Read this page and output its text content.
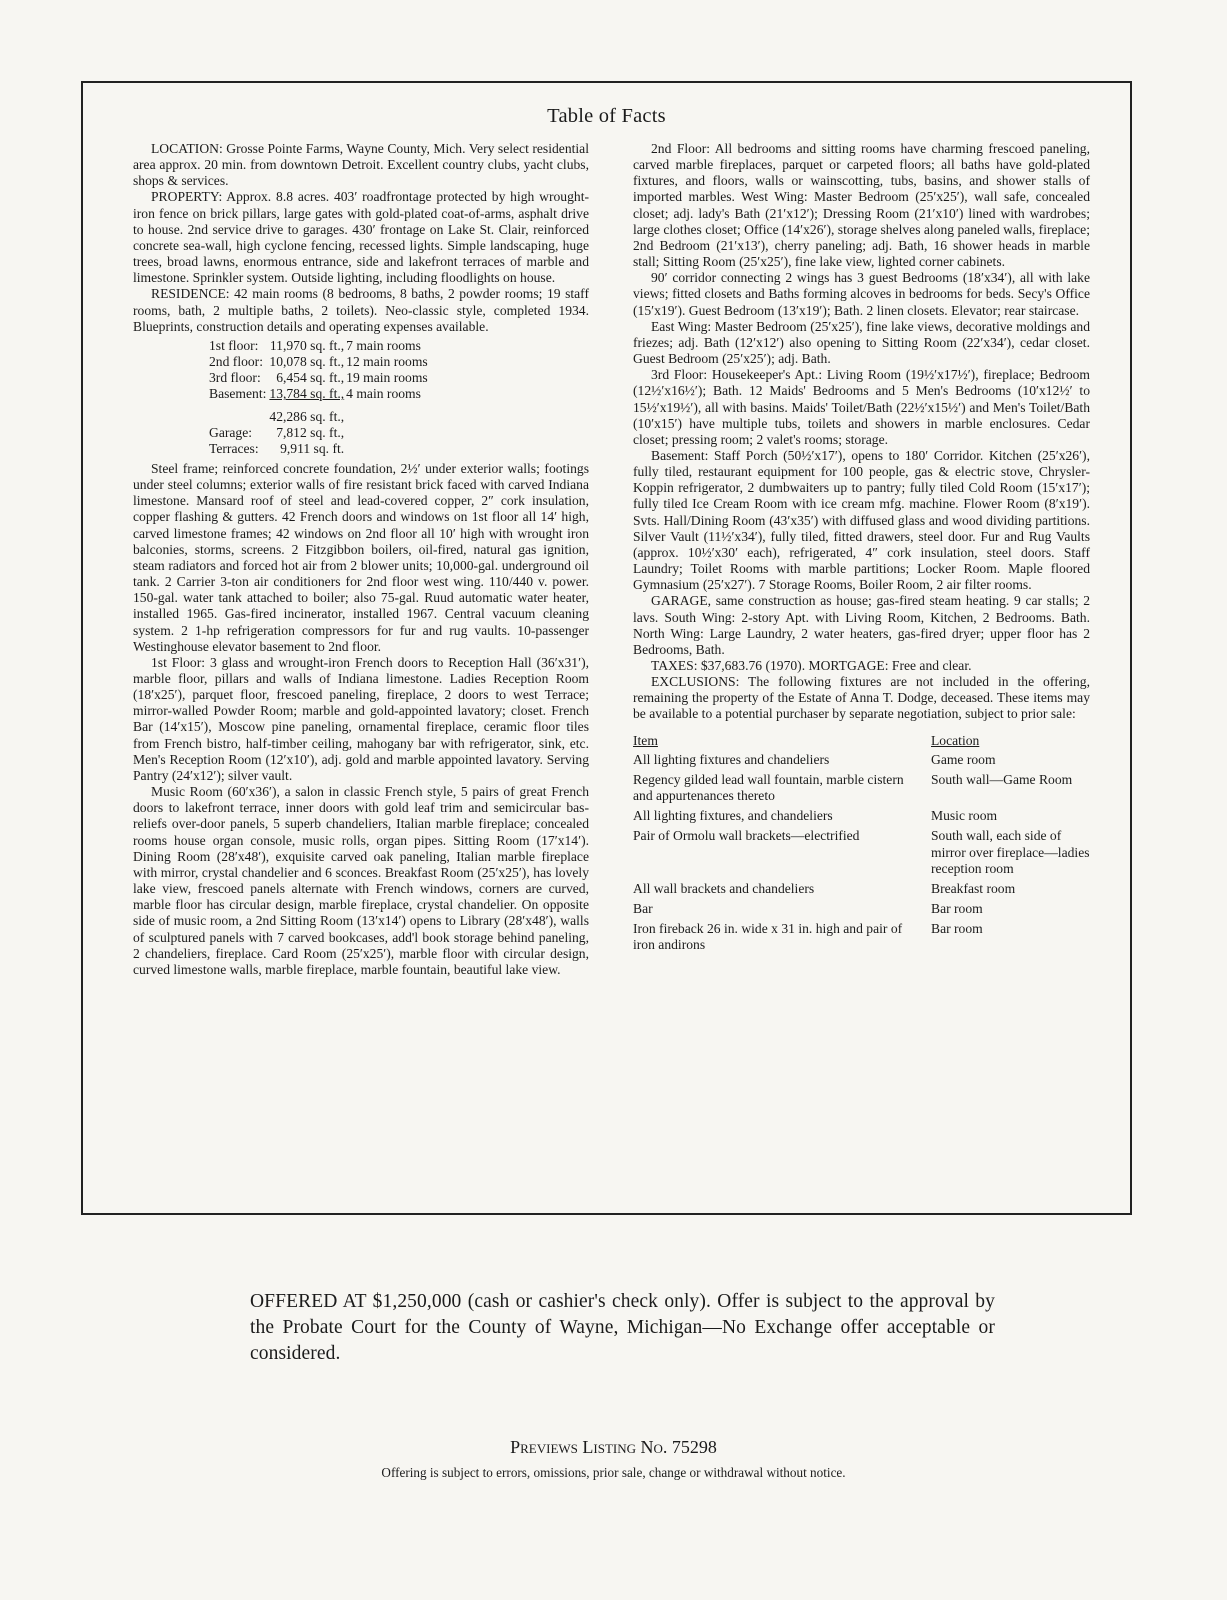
Table of Facts

LOCATION: Grosse Pointe Farms, Wayne County, Mich. Very select residential area approx. 20 min. from downtown Detroit. Excellent country clubs, yacht clubs, shops & services.

PROPERTY: Approx. 8.8 acres. 403′ roadfrontage protected by high wrought-iron fence on brick pillars, large gates with gold-plated coat-of-arms, asphalt drive to house. 2nd service drive to garages. 430′ frontage on Lake St. Clair, reinforced concrete sea-wall, high cyclone fencing, recessed lights. Simple landscaping, huge trees, broad lawns, enormous entrance, side and lakefront terraces of marble and limestone. Sprinkler system. Outside lighting, including floodlights on house.

RESIDENCE: 42 main rooms (8 bedrooms, 8 baths, 2 powder rooms; 19 staff rooms, bath, 2 multiple baths, 2 toilets). Neo-classic style, completed 1934. Blueprints, construction details and operating expenses available.

1st floor:	11,970 sq. ft.,	7 main rooms
2nd floor:	10,078 sq. ft.,	12 main rooms
3rd floor:	6,454 sq. ft.,	19 main rooms
Basement:	13,784 sq. ft.,	4 main rooms

	42,286 sq. ft.,	
Garage:	7,812 sq. ft.,	
Terraces:	9,911 sq. ft.	

Steel frame; reinforced concrete foundation, 2½′ under exterior walls; footings under steel columns; exterior walls of fire resistant brick faced with carved Indiana limestone. Mansard roof of steel and lead-covered copper, 2″ cork insulation, copper flashing & gutters. 42 French doors and windows on 1st floor all 14′ high, carved limestone frames; 42 windows on 2nd floor all 10′ high with wrought iron balconies, storms, screens. 2 Fitzgibbon boilers, oil-fired, natural gas ignition, steam radiators and forced hot air from 2 blower units; 10,000-gal. underground oil tank. 2 Carrier 3-ton air conditioners for 2nd floor west wing. 110/440 v. power. 150-gal. water tank attached to boiler; also 75-gal. Ruud automatic water heater, installed 1965. Gas-fired incinerator, installed 1967. Central vacuum cleaning system. 2 1-hp refrigeration compressors for fur and rug vaults. 10-passenger Westinghouse elevator basement to 2nd floor.

1st Floor: 3 glass and wrought-iron French doors to Reception Hall (36′x31′), marble floor, pillars and walls of Indiana limestone. Ladies Reception Room (18′x25′), parquet floor, frescoed paneling, fireplace, 2 doors to west Terrace; mirror-walled Powder Room; marble and gold-appointed lavatory; closet. French Bar (14′x15′), Moscow pine paneling, ornamental fireplace, ceramic floor tiles from French bistro, half-timber ceiling, mahogany bar with refrigerator, sink, etc. Men's Reception Room (12′x10′), adj. gold and marble appointed lavatory. Serving Pantry (24′x12′); silver vault.

Music Room (60′x36′), a salon in classic French style, 5 pairs of great French doors to lakefront terrace, inner doors with gold leaf trim and semicircular bas-reliefs over-door panels, 5 superb chandeliers, Italian marble fireplace; concealed rooms house organ console, music rolls, organ pipes. Sitting Room (17′x14′). Dining Room (28′x48′), exquisite carved oak paneling, Italian marble fireplace with mirror, crystal chandelier and 6 sconces. Breakfast Room (25′x25′), has lovely lake view, frescoed panels alternate with French windows, corners are curved, marble floor has circular design, marble fireplace, crystal chandelier. On opposite side of music room, a 2nd Sitting Room (13′x14′) opens to Library (28′x48′), walls of sculptured panels with 7 carved bookcases, add'l book storage behind paneling, 2 chandeliers, fireplace. Card Room (25′x25′), marble floor with circular design, curved limestone walls, marble fireplace, marble fountain, beautiful lake view.

2nd Floor: All bedrooms and sitting rooms have charming frescoed paneling, carved marble fireplaces, parquet or carpeted floors; all baths have gold-plated fixtures, and floors, walls or wainscotting, tubs, basins, and shower stalls of imported marbles. West Wing: Master Bedroom (25′x25′), wall safe, concealed closet; adj. lady's Bath (21′x12′); Dressing Room (21′x10′) lined with wardrobes; large clothes closet; Office (14′x26′), storage shelves along paneled walls, fireplace; 2nd Bedroom (21′x13′), cherry paneling; adj. Bath, 16 shower heads in marble stall; Sitting Room (25′x25′), fine lake view, lighted corner cabinets.

90′ corridor connecting 2 wings has 3 guest Bedrooms (18′x34′), all with lake views; fitted closets and Baths forming alcoves in bedrooms for beds. Secy's Office (15′x19′). Guest Bedroom (13′x19′); Bath. 2 linen closets. Elevator; rear staircase.

East Wing: Master Bedroom (25′x25′), fine lake views, decorative moldings and friezes; adj. Bath (12′x12′) also opening to Sitting Room (22′x34′), cedar closet. Guest Bedroom (25′x25′); adj. Bath.

3rd Floor: Housekeeper's Apt.: Living Room (19½′x17½′), fireplace; Bedroom (12½′x16½′); Bath. 12 Maids' Bedrooms and 5 Men's Bedrooms (10′x12½′ to 15½′x19½′), all with basins. Maids' Toilet/Bath (22½′x15½′) and Men's Toilet/Bath (10′x15′) have multiple tubs, toilets and showers in marble enclosures. Cedar closet; pressing room; 2 valet's rooms; storage.

Basement: Staff Porch (50½′x17′), opens to 180′ Corridor. Kitchen (25′x26′), fully tiled, restaurant equipment for 100 people, gas & electric stove, Chrysler-Koppin refrigerator, 2 dumbwaiters up to pantry; fully tiled Cold Room (15′x17′); fully tiled Ice Cream Room with ice cream mfg. machine. Flower Room (8′x19′). Svts. Hall/Dining Room (43′x35′) with diffused glass and wood dividing partitions. Silver Vault (11½′x34′), fully tiled, fitted drawers, steel door. Fur and Rug Vaults (approx. 10½′x30′ each), refrigerated, 4″ cork insulation, steel doors. Staff Laundry; Toilet Rooms with marble partitions; Locker Room. Maple floored Gymnasium (25′x27′). 7 Storage Rooms, Boiler Room, 2 air filter rooms.

GARAGE, same construction as house; gas-fired steam heating. 9 car stalls; 2 lavs. South Wing: 2-story Apt. with Living Room, Kitchen, 2 Bedrooms. Bath. North Wing: Large Laundry, 2 water heaters, gas-fired dryer; upper floor has 2 Bedrooms, Bath.

TAXES: $37,683.76 (1970). MORTGAGE: Free and clear.

EXCLUSIONS: The following fixtures are not included in the offering, remaining the property of the Estate of Anna T. Dodge, deceased. These items may be available to a potential purchaser by separate negotiation, subject to prior sale:

Item	Location
All lighting fixtures and chandeliers	Game room
Regency gilded lead wall fountain, marble cistern and appurtenances thereto	South wall—Game Room
All lighting fixtures, and chandeliers	Music room
Pair of Ormolu wall brackets—electrified	South wall, each side of mirror over fireplace—ladies reception room
All wall brackets and chandeliers	Breakfast room
Bar	Bar room
Iron fireback 26 in. wide x 31 in. high and pair of iron andirons	Bar room
OFFERED AT $1,250,000 (cash or cashier's check only). Offer is subject to the approval by the Probate Court for the County of Wayne, Michigan—No Exchange offer acceptable or considered.
Previews Listing No. 75298
Offering is subject to errors, omissions, prior sale, change or withdrawal without notice.
